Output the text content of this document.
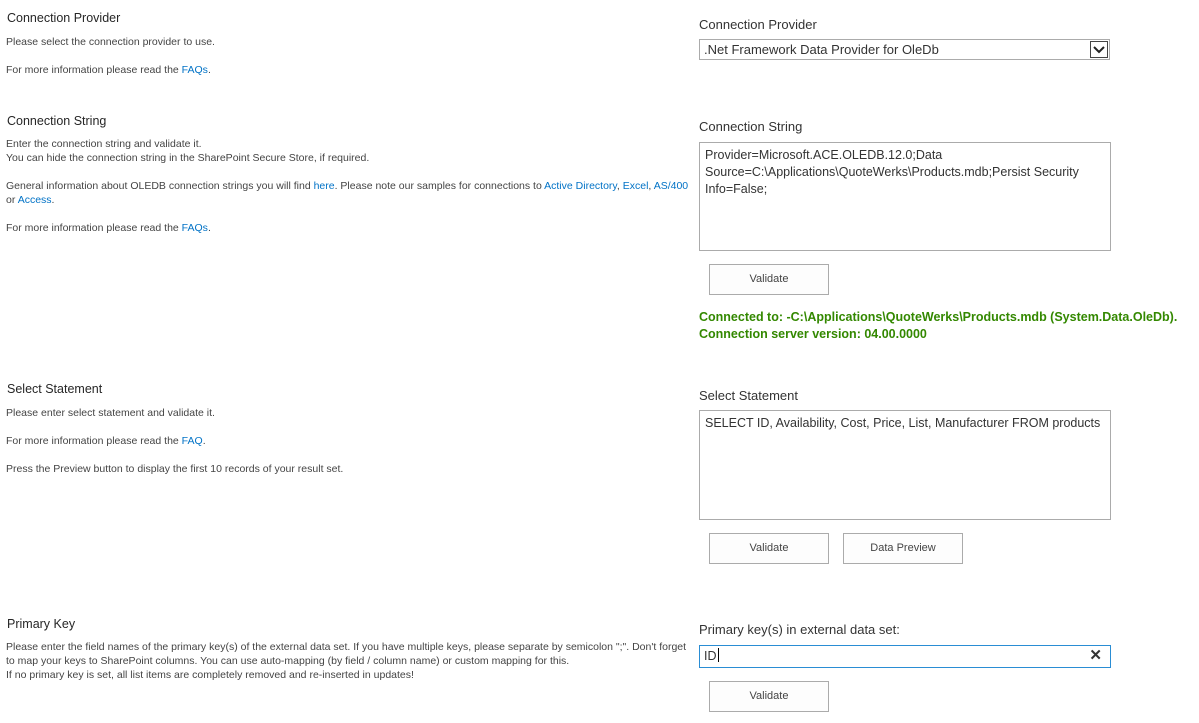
Connection Provider
Please select the connection provider to use.
For more information please read the FAQs.
Connection Provider
.Net Framework Data Provider for OleDb
Connection String
Enter the connection string and validate it.
You can hide the connection string in the SharePoint Secure Store, if required.
General information about OLEDB connection strings you will find here. Please note our samples for connections to Active Directory, Excel, AS/400
or Access.
For more information please read the FAQs.
Connection String
Provider=Microsoft.ACE.OLEDB.12.0;Data
Source=C:\Applications\QuoteWerks\Products.mdb;Persist Security
Info=False;
Validate
Connected to: -C:\Applications\QuoteWerks\Products.mdb (System.Data.OleDb).
Connection server version: 04.00.0000
Select Statement
Please enter select statement and validate it.
For more information please read the FAQ.
Press the Preview button to display the first 10 records of your result set.
Select Statement
SELECT ID, Availability, Cost, Price, List, Manufacturer FROM products
Validate	Data Preview
Primary Key
Please enter the field names of the primary key(s) of the external data set. If you have multiple keys, please separate by semicolon ";". Don't forget
to map your keys to SharePoint columns. You can use auto-mapping (by field / column name) or custom mapping for this.
If no primary key is set, all list items are completely removed and re-inserted in updates!
Primary key(s) in external data set:
ID	✕
Validate
